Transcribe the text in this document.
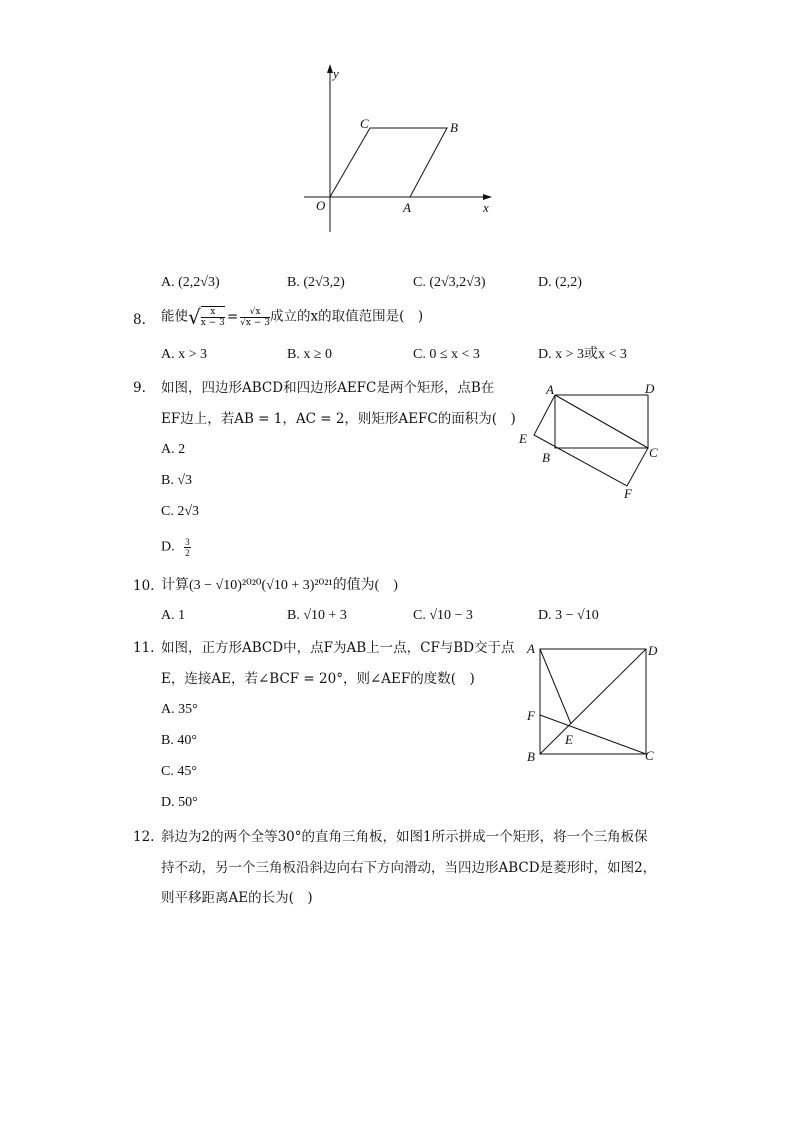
y
x
O	A
B
C
A. (2,2√3)	B. (2√3,2)	C. (2√3,2√3)	D. (2,2)
8. 能使√ $\frac{x}{x - 3} = \frac{√x}{√x - 3}$ 成立的x的取值范围是(　)
A. x > 3	B. x ≥ 0	C. 0 ≤ x < 3	D. x > 3或x < 3
9. 如图，四边形ABCD和四边形AEFC是两个矩形，点B在
EF边上，若AB = 1，AC = 2，则矩形AEFC的面积为(　)
A. 2
B. √3
C. 2√3
D. $\frac{3}{2}$
A	D
E
B	C
F
10. 计算(3 − √10)²⁰²⁰(√10 + 3)²⁰²¹的值为(　)
A. 1	B. √10 + 3	C. √10 − 3	D. 3 − √10
11. 如图，正方形ABCD中，点F为AB上一点，CF与BD交于点
E，连接AE，若∠BCF = 20°，则∠AEF的度数(　)
A. 35°
B. 40°
C. 45°
D. 50°
A	D
F
E
B	C
12. 斜边为2的两个全等30°的直角三角板，如图1所示拼成一个矩形，将一个三角板保
持不动，另一个三角板沿斜边向右下方向滑动，当四边形ABCD是菱形时，如图2，
则平移距离AE的长为(　)
